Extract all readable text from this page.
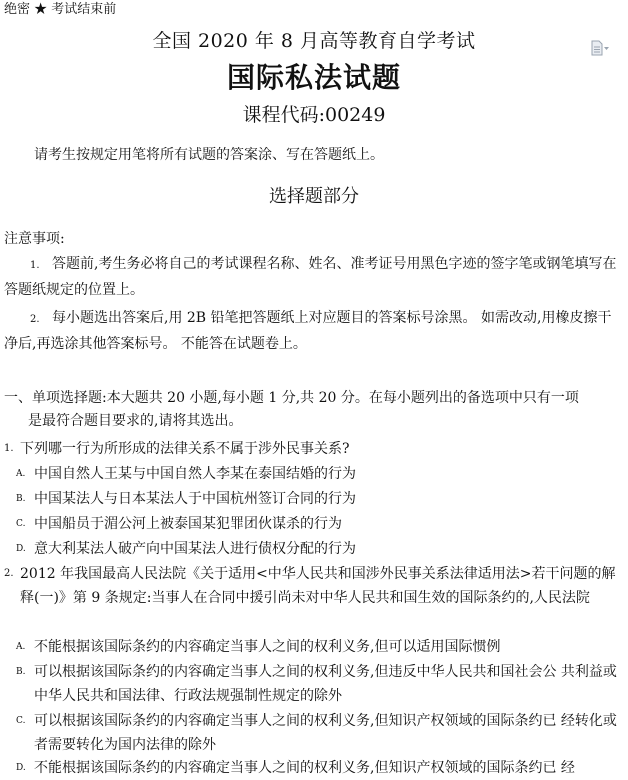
绝密 ★ 考试结束前
全国 2020 年 8 月高等教育自学考试
国际私法试题
课程代码:00249
请考生按规定用笔将所有试题的答案涂、写在答题纸上。
选择题部分
注意事项:
1. 答题前,考生务必将自己的考试课程名称、姓名、准考证号用黑色字迹的签字笔或钢笔填写在答题纸规定的位置上。
2. 每小题选出答案后,用 2B 铅笔把答题纸上对应题目的答案标号涂黑。 如需改动,用橡皮擦干净后,再选涂其他答案标号。 不能答在试题卷上。
一、单项选择题:本大题共 20 小题,每小题 1 分,共 20 分。在每小题列出的备选项中只有一项
是最符合题目要求的,请将其选出。
1. 下列哪一行为所形成的法律关系不属于涉外民事关系?
A. 中国自然人王某与中国自然人李某在泰国结婚的行为
B. 中国某法人与日本某法人于中国杭州签订合同的行为
C. 中国船员于湄公河上被泰国某犯罪团伙谋杀的行为
D. 意大利某法人破产向中国某法人进行债权分配的行为
2. 2012 年我国最高人民法院《关于适用<中华人民共和国涉外民事关系法律适用法>若干问题的解释(一)》第 9 条规定:当事人在合同中援引尚未对中华人民共和国生效的国际条约的,人民法院
A. 不能根据该国际条约的内容确定当事人之间的权利义务,但可以适用国际惯例
B. 可以根据该国际条约的内容确定当事人之间的权利义务,但违反中华人民共和国社会公 共利益或中华人民共和国法律、行政法规强制性规定的除外
C. 可以根据该国际条约的内容确定当事人之间的权利义务,但知识产权领域的国际条约已 经转化或者需要转化为国内法律的除外
D. 不能根据该国际条约的内容确定当事人之间的权利义务,但知识产权领域的国际条约已 经
